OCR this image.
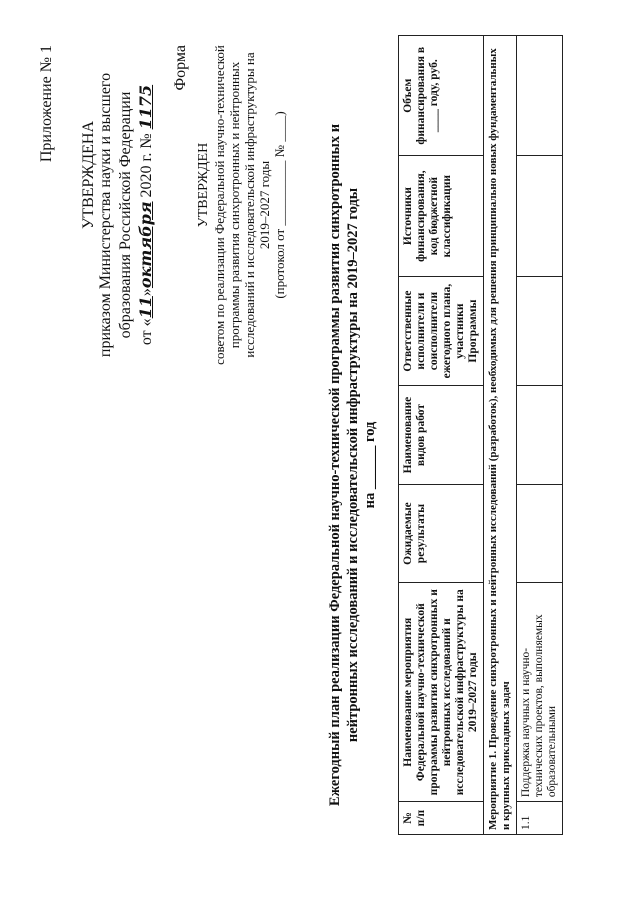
Приложение № 1
УТВЕРЖДЕНА приказом Министерства науки и высшего образования Российской Федерации от «11»октября 2020 г. № 1175
Форма
УТВЕРЖДЕН советом по реализации Федеральной научно-технической программы развития синхротронных и нейтронных исследований и исследовательской инфраструктуры на 2019–2027 годы (протокол от __________ № ____)	Ежегодный план реализации Федеральной научно-технической программы развития синхротронных и нейтронных исследований и исследовательской инфраструктуры на 2019–2027 годы на ______ год
№ п/п	Наименование мероприятия Федеральной научно-технической программы развития синхротронных и нейтронных исследований и исследовательской инфраструктуры на 2019–2027 годы	Ожидаемые результаты	Наименование видов работ	Ответственные исполнители и соисполнители ежегодного плана, участники Программы	Источники финансирования, код бюджетной классификации	Объем финансирования в ____ году, руб.
Мероприятие 1. Проведение синхротронных и нейтронных исследований (разработок), необходимых для решения принципиально новых фундаментальных и крупных прикладных задач						
1.1	Поддержка научных и научно-технических проектов, выполняемых образовательными					
